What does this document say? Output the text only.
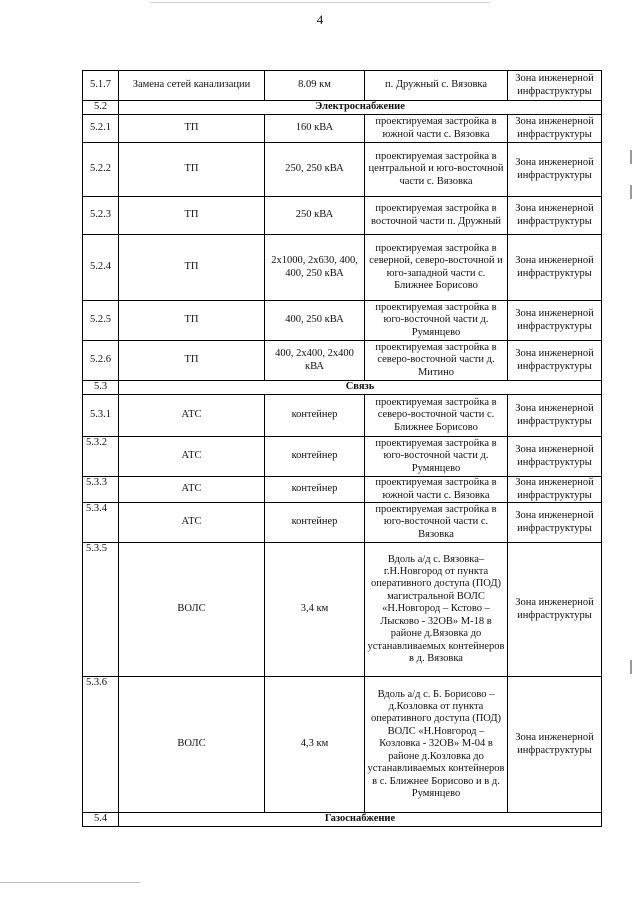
4
5.1.7	Замена сетей канализации	8.09 км	п. Дружный с. Вязовка	Зона инженерной инфраструктуры
5.2	Электроснабжение			
5.2.1	ТП	160 кВА	проектируемая застройка в южной части с. Вязовка	Зона инженерной инфраструктуры
5.2.2	ТП	250, 250 кВА	проектируемая застройка в центральной и юго-восточной части с. Вязовка	Зона инженерной инфраструктуры
5.2.3	ТП	250 кВА	проектируемая застройка в восточной части п. Дружный	Зона инженерной инфраструктуры
5.2.4	ТП	2х1000, 2х630, 400, 400, 250 кВА	проектируемая застройка в северной, северо-восточной и юго-западной части с. Ближнее Борисово	Зона инженерной инфраструктуры
5.2.5	ТП	400, 250 кВА	проектируемая застройка в юго-восточной части д. Румянцево	Зона инженерной инфраструктуры
5.2.6	ТП	400, 2х400, 2х400 кВА	проектируемая застройка в северо-восточной части д. Митино	Зона инженерной инфраструктуры
5.3	Связь			
5.3.1	АТС	контейнер	проектируемая застройка в северо-восточной части с. Ближнее Борисово	Зона инженерной инфраструктуры
5.3.2	АТС	контейнер	проектируемая застройка в юго-восточной части д. Румянцево	Зона инженерной инфраструктуры
5.3.3	АТС	контейнер	проектируемая застройка в южной части с. Вязовка	Зона инженерной инфраструктуры
5.3.4	АТС	контейнер	проектируемая застройка в юго-восточной части с. Вязовка	Зона инженерной инфраструктуры
5.3.5	ВОЛС	3,4 км	Вдоль а/д с. Вязовка– г.Н.Новгород от пункта оперативного доступа (ПОД) магистральной ВОЛС «Н.Новгород – Кстово – Лысково - 32ОВ» М-18 в районе д.Вязовка до устанавливаемых контейнеров в д. Вязовка	Зона инженерной инфраструктуры
5.3.6	ВОЛС	4,3 км	Вдоль а/д с. Б. Борисово – д.Козловка от пункта оперативного доступа (ПОД) ВОЛС «Н.Новгород – Козловка - 32ОВ» М-04 в районе д.Козловка до устанавливаемых контейнеров в с. Ближнее Борисово и в д. Румянцево	Зона инженерной инфраструктуры
5.4	Газоснабжение			
